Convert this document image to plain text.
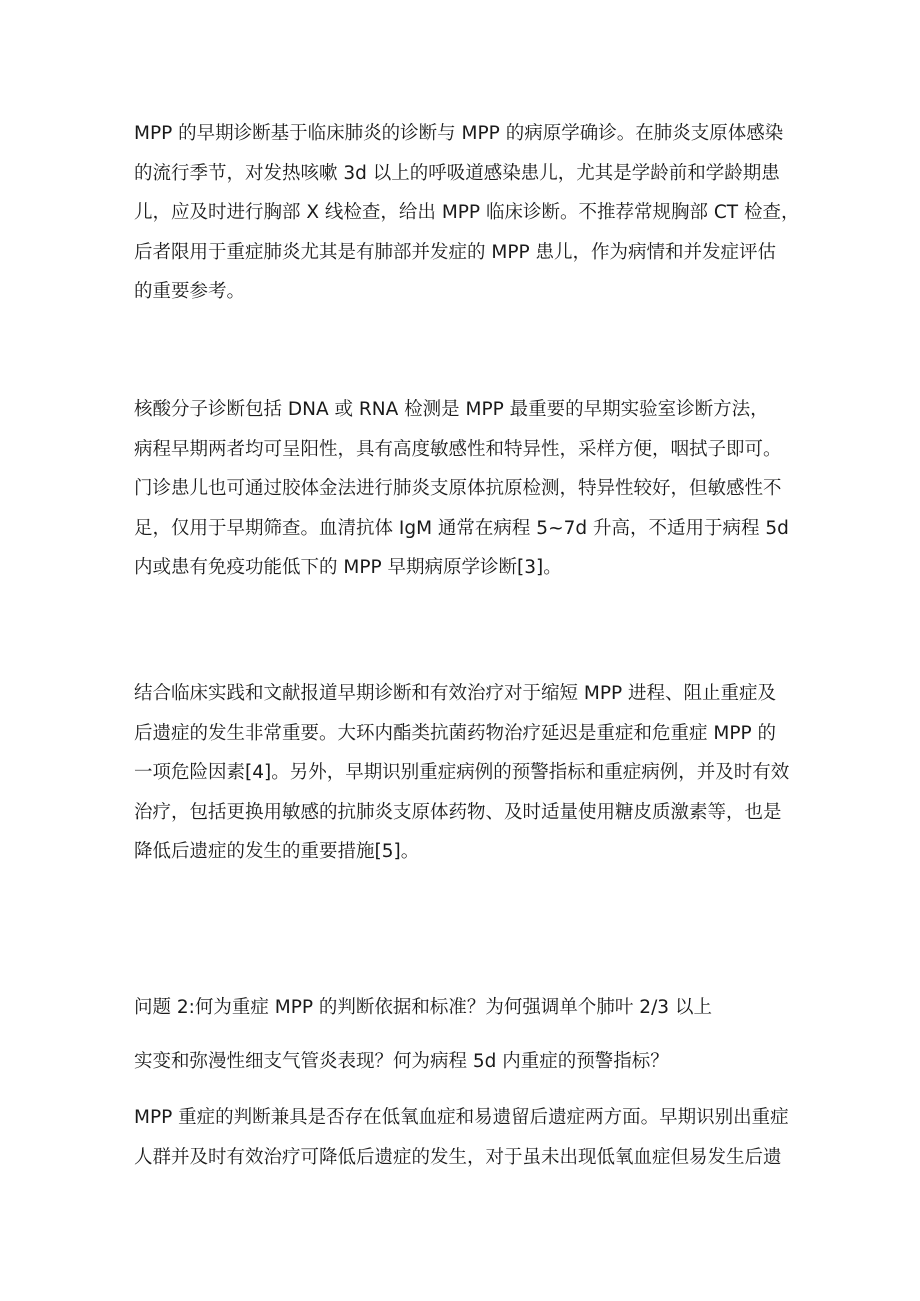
MPP 的早期诊断基于临床肺炎的诊断与 MPP 的病原学确诊。在肺炎支原体感染
的流行季节，对发热咳嗽 3d 以上的呼吸道感染患儿，尤其是学龄前和学龄期患
儿，应及时进行胸部 X 线检查，给出 MPP 临床诊断。不推荐常规胸部 CT 检查，
后者限用于重症肺炎尤其是有肺部并发症的 MPP 患儿，作为病情和并发症评估
的重要参考。
核酸分子诊断包括 DNA 或 RNA 检测是 MPP 最重要的早期实验室诊断方法，
病程早期两者均可呈阳性，具有高度敏感性和特异性，采样方便，咽拭子即可。
门诊患儿也可通过胶体金法进行肺炎支原体抗原检测，特异性较好，但敏感性不
足，仅用于早期筛查。血清抗体 IgM 通常在病程 5~7d 升高，不适用于病程 5d
内或患有免疫功能低下的 MPP 早期病原学诊断[3]。
结合临床实践和文献报道早期诊断和有效治疗对于缩短 MPP 进程、阻止重症及
后遗症的发生非常重要。大环内酯类抗菌药物治疗延迟是重症和危重症 MPP 的
一项危险因素[4]。另外，早期识别重症病例的预警指标和重症病例，并及时有效
治疗，包括更换用敏感的抗肺炎支原体药物、及时适量使用糖皮质激素等，也是
降低后遗症的发生的重要措施[5]。
问题 2:何为重症 MPP 的判断依据和标准？为何强调单个肺叶 2/3 以上
实变和弥漫性细支气管炎表现？何为病程 5d 内重症的预警指标？
MPP 重症的判断兼具是否存在低氧血症和易遗留后遗症两方面。早期识别出重症
人群并及时有效治疗可降低后遗症的发生，对于虽未出现低氧血症但易发生后遗
